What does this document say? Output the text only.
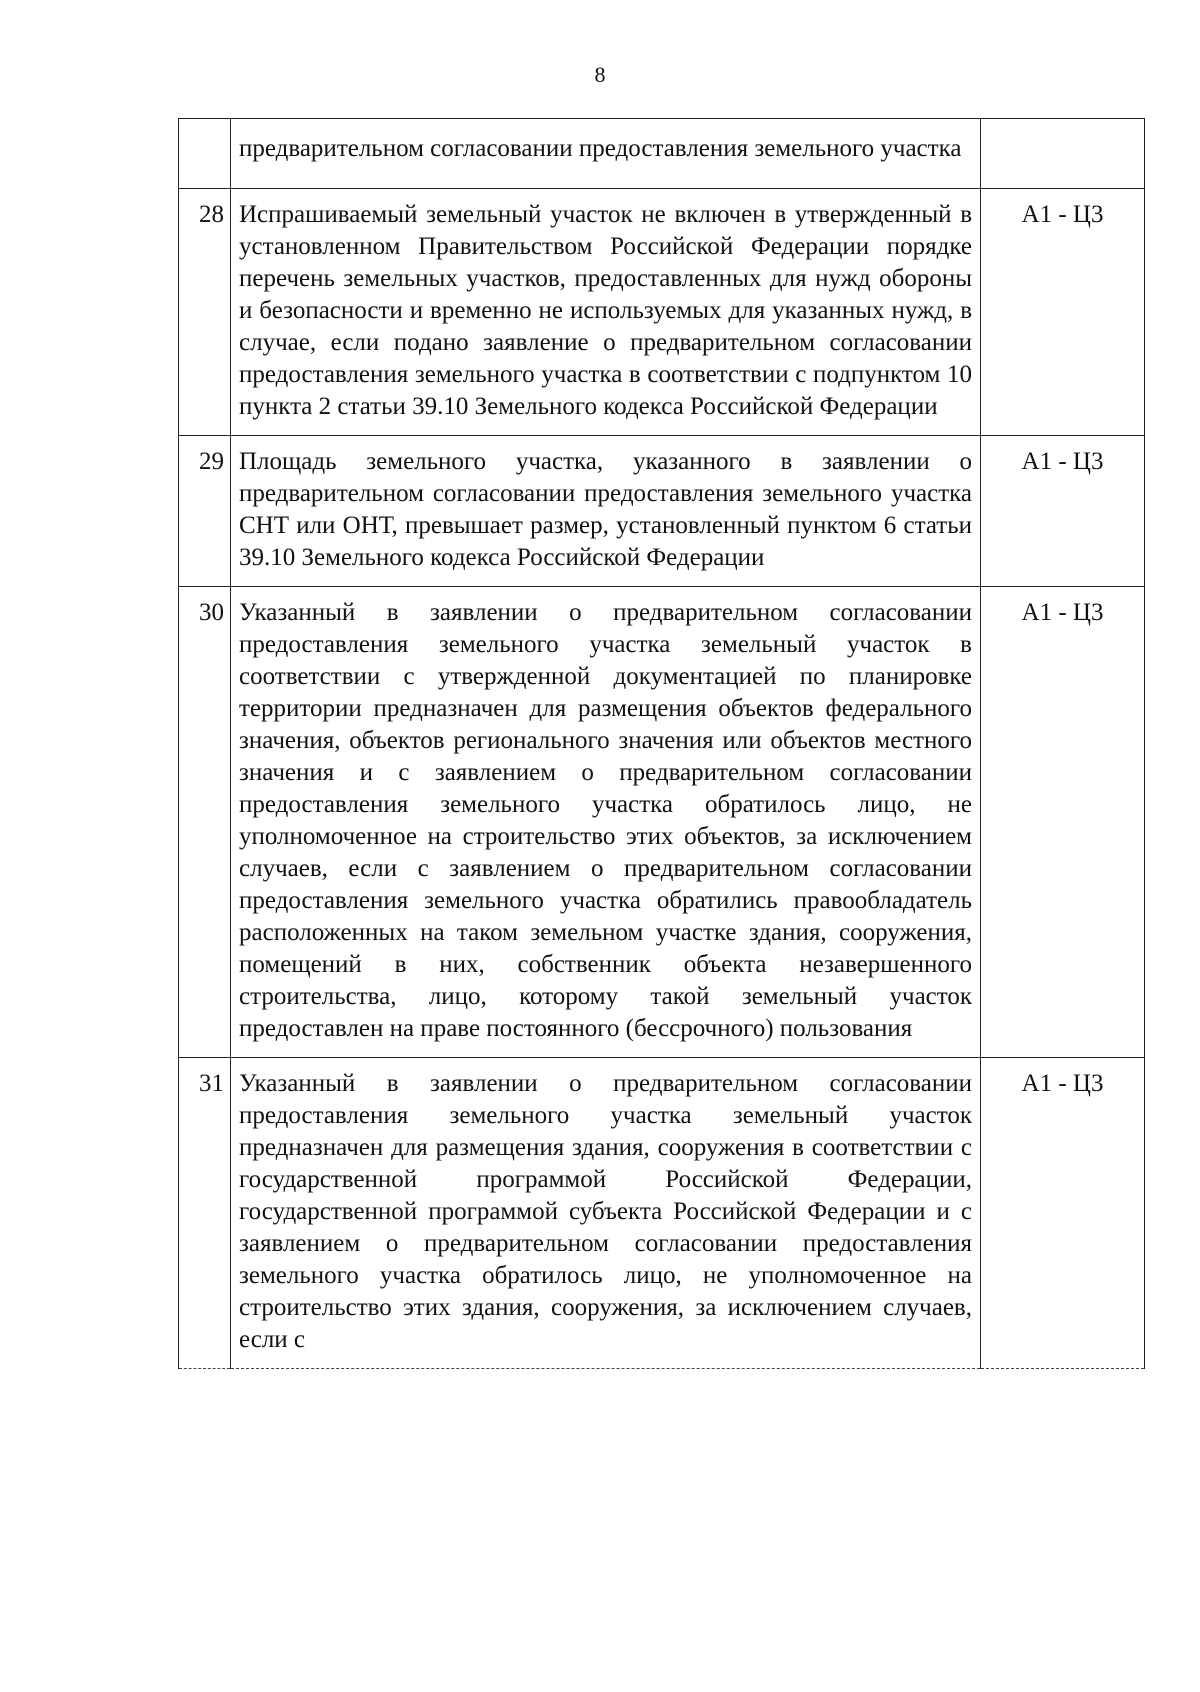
8
	предварительном согласовании предоставления земельного участка	
28	Испрашиваемый земельный участок не включен в утвержденный в установленном Правительством Российской Федерации порядке перечень земельных участков, предоставленных для нужд обороны и безопасности и временно не используемых для указанных нужд, в случае, если подано заявление о предварительном согласовании предоставления земельного участка в соответствии с подпунктом 10 пункта 2 статьи 39.10 Земельного кодекса Российской Федерации	А1 - Ц3
29	Площадь земельного участка, указанного в заявлении о предварительном согласовании предоставления земельного участка СНТ или ОНТ, превышает размер, установленный пунктом 6 статьи 39.10 Земельного кодекса Российской Федерации	А1 - Ц3
30	Указанный в заявлении о предварительном согласовании предоставления земельного участка земельный участок в соответствии с утвержденной документацией по планировке территории предназначен для размещения объектов федерального значения, объектов регионального значения или объектов местного значения и с заявлением о предварительном согласовании предоставления земельного участка обратилось лицо, не уполномоченное на строительство этих объектов, за исключением случаев, если с заявлением о предварительном согласовании предоставления земельного участка обратились правообладатель расположенных на таком земельном участке здания, сооружения, помещений в них, собственник объекта незавершенного строительства, лицо, которому такой земельный участок предоставлен на праве постоянного (бессрочного) пользования	А1 - Ц3
31	Указанный в заявлении о предварительном согласовании предоставления земельного участка земельный участок предназначен для размещения здания, сооружения в соответствии с государственной программой Российской Федерации, государственной программой субъекта Российской Федерации и с заявлением о предварительном согласовании предоставления земельного участка обратилось лицо, не уполномоченное на строительство этих здания, сооружения, за исключением случаев, если с	А1 - Ц3
